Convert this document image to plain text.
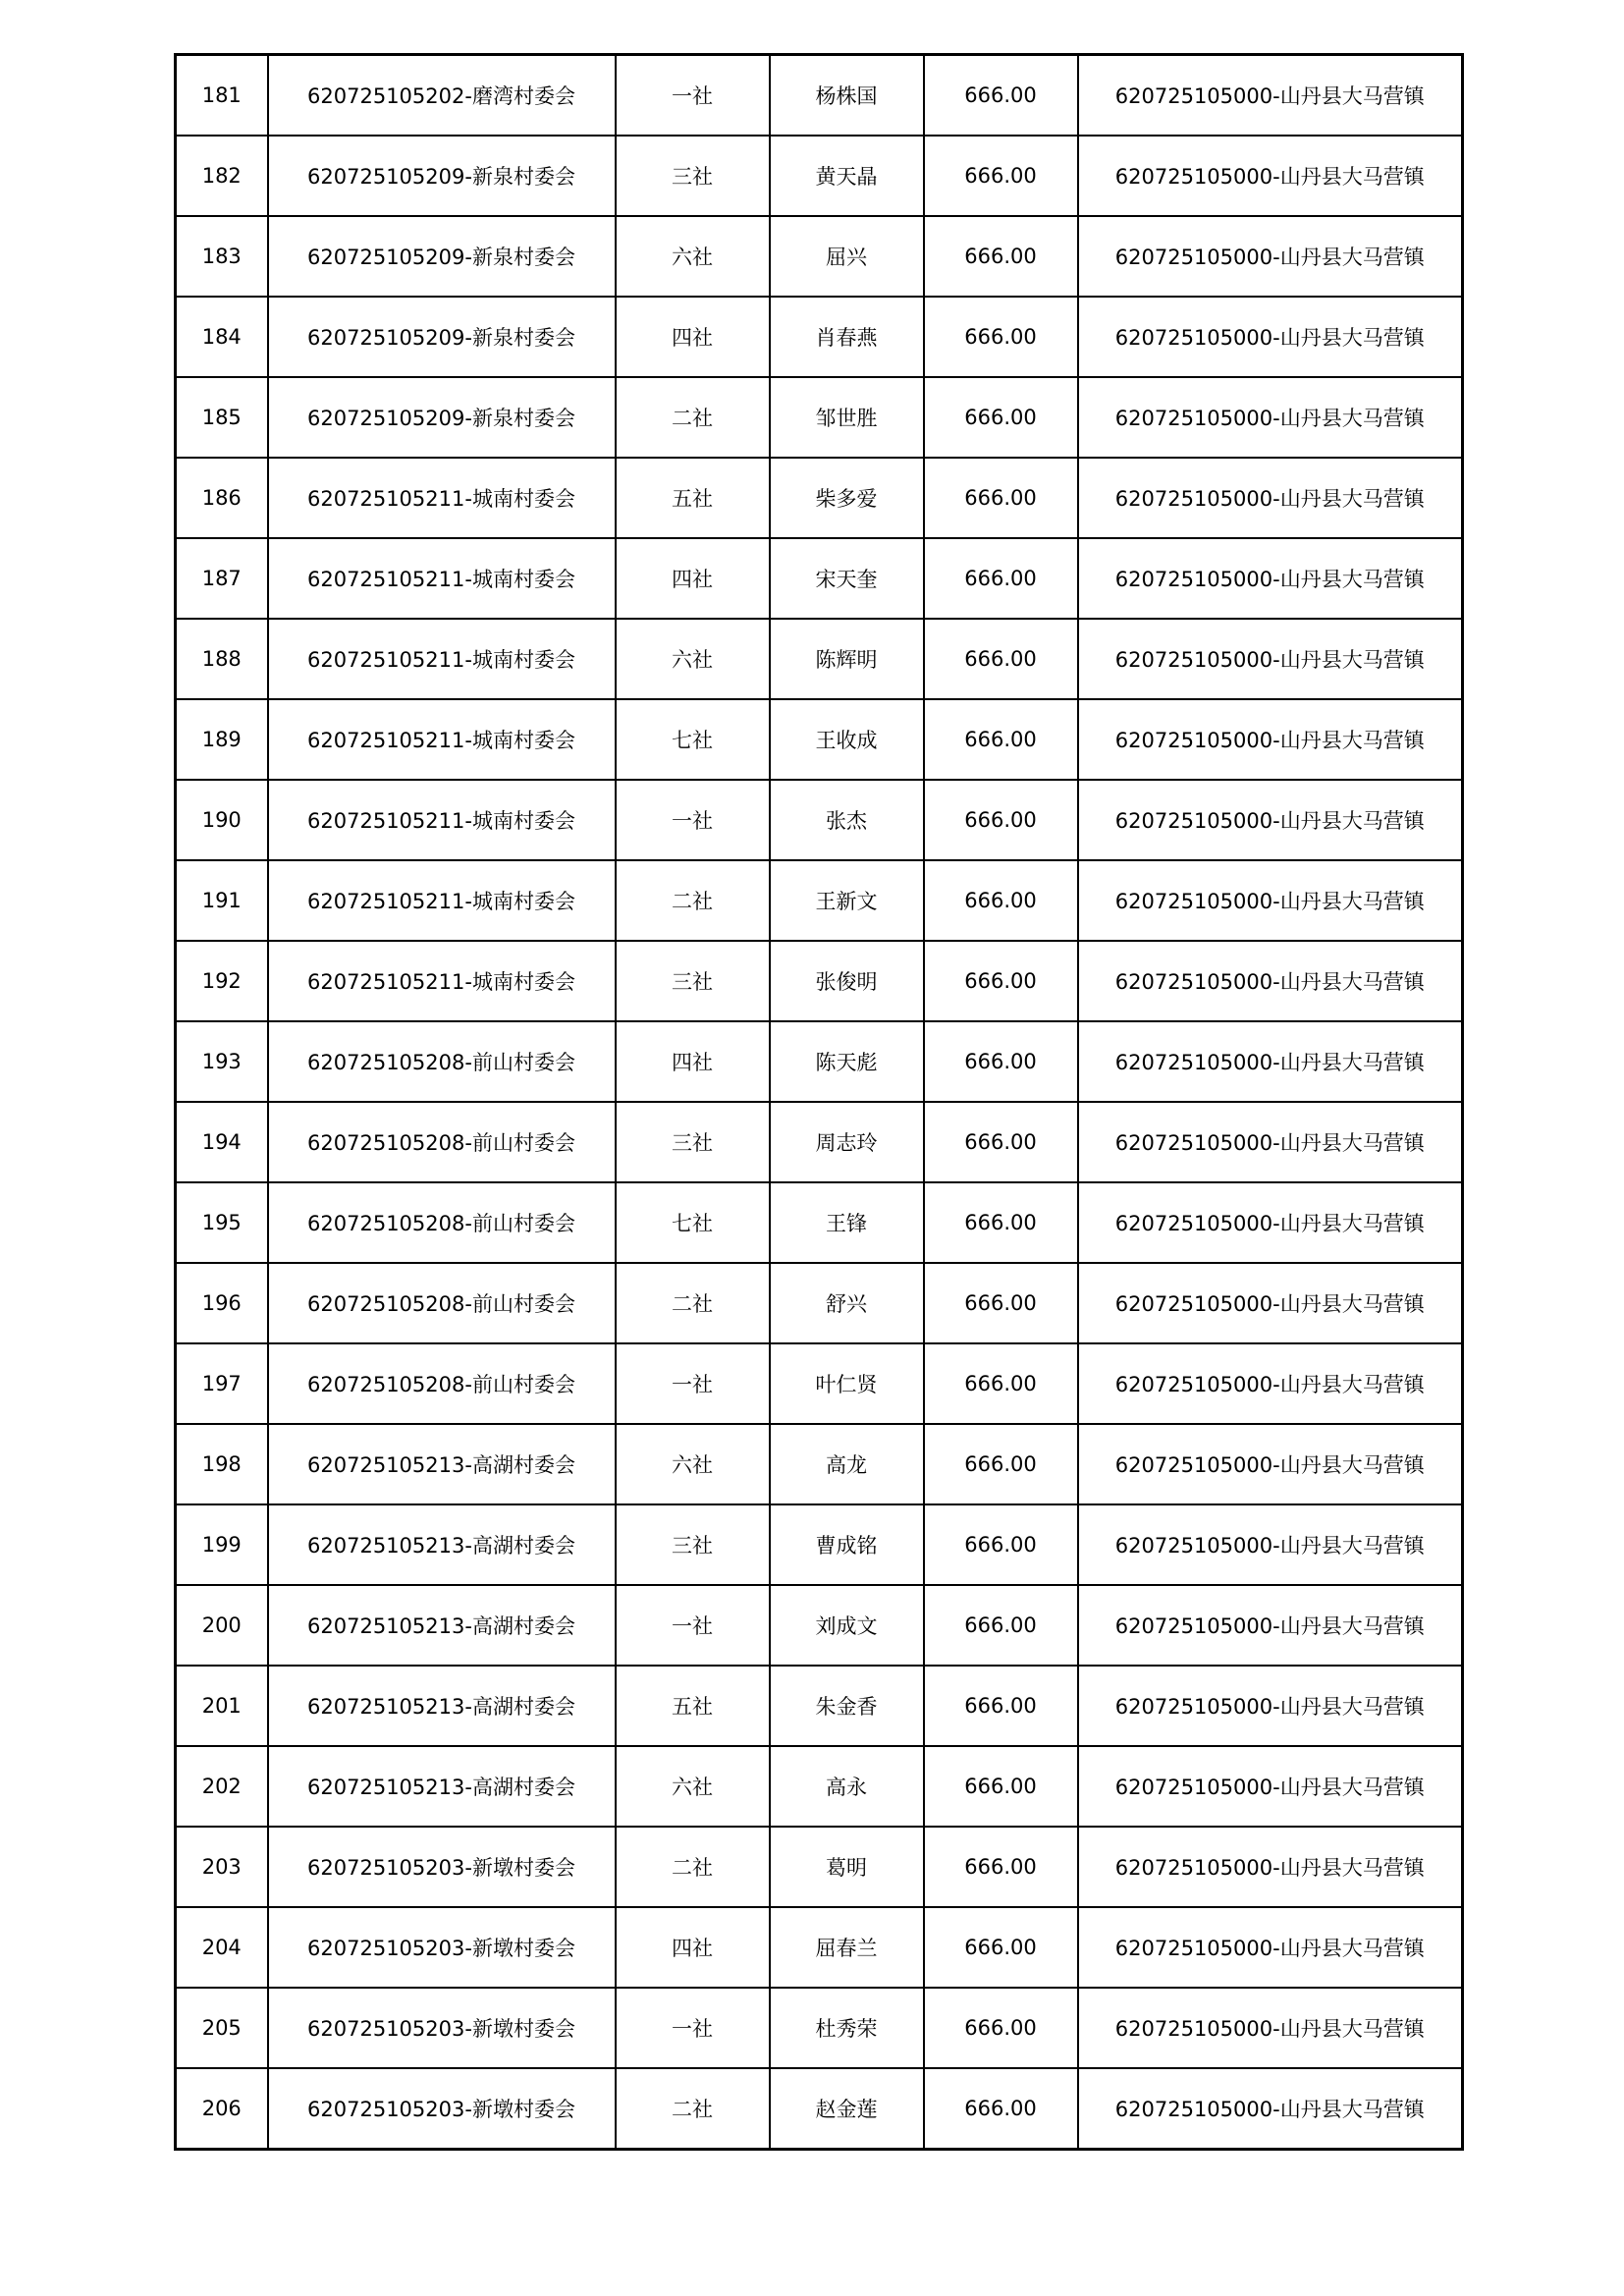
181	620725105202-磨湾村委会	一社	杨株国	666.00	620725105000-山丹县大马营镇
182	620725105209-新泉村委会	三社	黄天晶	666.00	620725105000-山丹县大马营镇
183	620725105209-新泉村委会	六社	屈兴	666.00	620725105000-山丹县大马营镇
184	620725105209-新泉村委会	四社	肖春燕	666.00	620725105000-山丹县大马营镇
185	620725105209-新泉村委会	二社	邹世胜	666.00	620725105000-山丹县大马营镇
186	620725105211-城南村委会	五社	柴多爱	666.00	620725105000-山丹县大马营镇
187	620725105211-城南村委会	四社	宋天奎	666.00	620725105000-山丹县大马营镇
188	620725105211-城南村委会	六社	陈辉明	666.00	620725105000-山丹县大马营镇
189	620725105211-城南村委会	七社	王收成	666.00	620725105000-山丹县大马营镇
190	620725105211-城南村委会	一社	张杰	666.00	620725105000-山丹县大马营镇
191	620725105211-城南村委会	二社	王新文	666.00	620725105000-山丹县大马营镇
192	620725105211-城南村委会	三社	张俊明	666.00	620725105000-山丹县大马营镇
193	620725105208-前山村委会	四社	陈天彪	666.00	620725105000-山丹县大马营镇
194	620725105208-前山村委会	三社	周志玲	666.00	620725105000-山丹县大马营镇
195	620725105208-前山村委会	七社	王锋	666.00	620725105000-山丹县大马营镇
196	620725105208-前山村委会	二社	舒兴	666.00	620725105000-山丹县大马营镇
197	620725105208-前山村委会	一社	叶仁贤	666.00	620725105000-山丹县大马营镇
198	620725105213-高湖村委会	六社	高龙	666.00	620725105000-山丹县大马营镇
199	620725105213-高湖村委会	三社	曹成铭	666.00	620725105000-山丹县大马营镇
200	620725105213-高湖村委会	一社	刘成文	666.00	620725105000-山丹县大马营镇
201	620725105213-高湖村委会	五社	朱金香	666.00	620725105000-山丹县大马营镇
202	620725105213-高湖村委会	六社	高永	666.00	620725105000-山丹县大马营镇
203	620725105203-新墩村委会	二社	葛明	666.00	620725105000-山丹县大马营镇
204	620725105203-新墩村委会	四社	屈春兰	666.00	620725105000-山丹县大马营镇
205	620725105203-新墩村委会	一社	杜秀荣	666.00	620725105000-山丹县大马营镇
206	620725105203-新墩村委会	二社	赵金莲	666.00	620725105000-山丹县大马营镇
